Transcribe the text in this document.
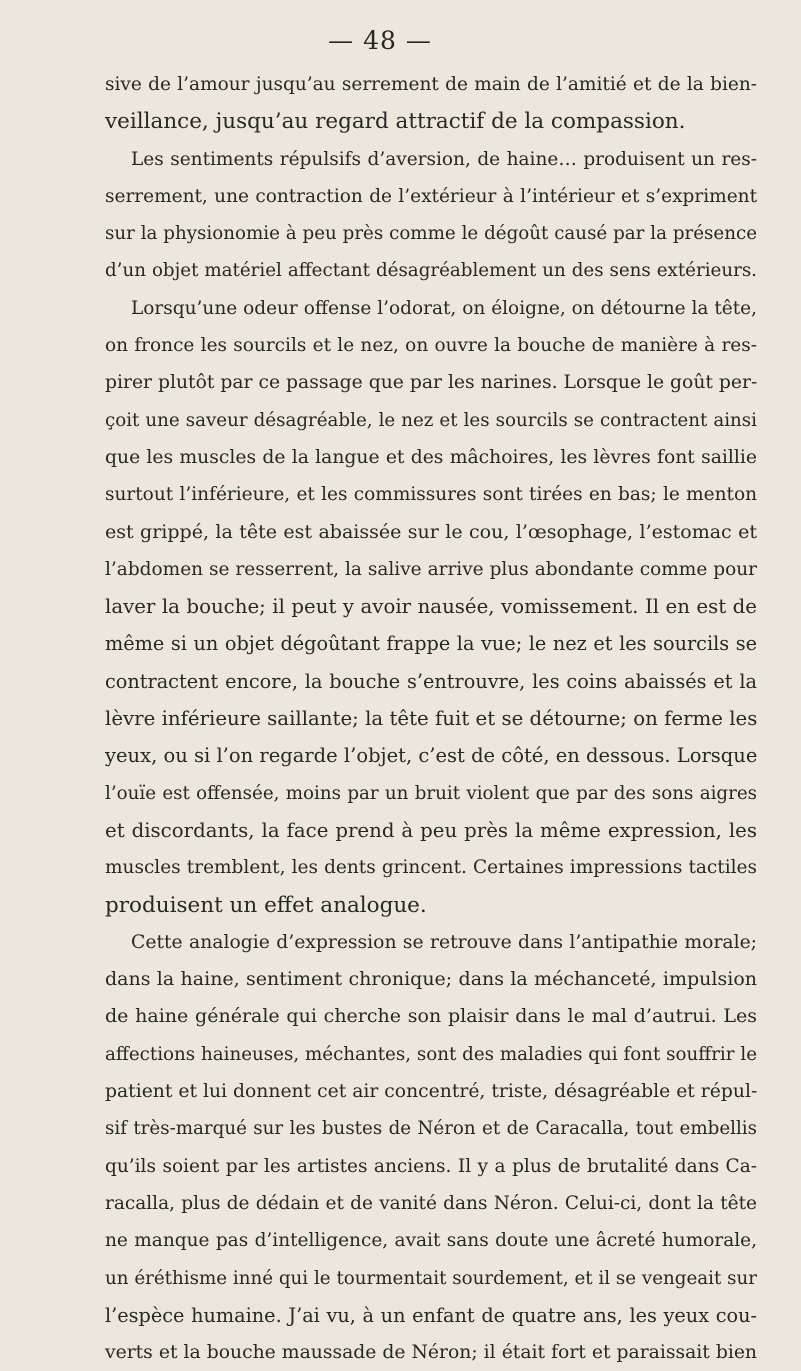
— 48 —
sive de l’amour jusqu’au serrement de main de l’amitié et de la bien-
veillance, jusqu’au regard attractif de la compassion.
Les sentiments répulsifs d’aversion, de haine… produisent un res-
serrement, une contraction de l’extérieur à l’intérieur et s’expriment
sur la physionomie à peu près comme le dégoût causé par la présence
d’un objet matériel affectant désagréablement un des sens extérieurs.
Lorsqu’une odeur offense l’odorat, on éloigne, on détourne la tête,
on fronce les sourcils et le nez, on ouvre la bouche de manière à res-
pirer plutôt par ce passage que par les narines. Lorsque le goût per-
çoit une saveur désagréable, le nez et les sourcils se contractent ainsi
que les muscles de la langue et des mâchoires, les lèvres font saillie
surtout l’inférieure, et les commissures sont tirées en bas; le menton
est grippé, la tête est abaissée sur le cou, l’œsophage, l’estomac et
l’abdomen se resserrent, la salive arrive plus abondante comme pour
laver la bouche; il peut y avoir nausée, vomissement. Il en est de
même si un objet dégoûtant frappe la vue; le nez et les sourcils se
contractent encore, la bouche s’entrouvre, les coins abaissés et la
lèvre inférieure saillante; la tête fuit et se détourne; on ferme les
yeux, ou si l’on regarde l’objet, c’est de côté, en dessous. Lorsque
l’ouïe est offensée, moins par un bruit violent que par des sons aigres
et discordants, la face prend à peu près la même expression, les
muscles tremblent, les dents grincent. Certaines impressions tactiles
produisent un effet analogue.
Cette analogie d’expression se retrouve dans l’antipathie morale;
dans la haine, sentiment chronique; dans la méchanceté, impulsion
de haine générale qui cherche son plaisir dans le mal d’autrui. Les
affections haineuses, méchantes, sont des maladies qui font souffrir le
patient et lui donnent cet air concentré, triste, désagréable et répul-
sif très-marqué sur les bustes de Néron et de Caracalla, tout embellis
qu’ils soient par les artistes anciens. Il y a plus de brutalité dans Ca-
racalla, plus de dédain et de vanité dans Néron. Celui-ci, dont la tête
ne manque pas d’intelligence, avait sans doute une âcreté humorale,
un éréthisme inné qui le tourmentait sourdement, et il se vengeait sur
l’espèce humaine. J’ai vu, à un enfant de quatre ans, les yeux cou-
verts et la bouche maussade de Néron; il était fort et paraissait bien
